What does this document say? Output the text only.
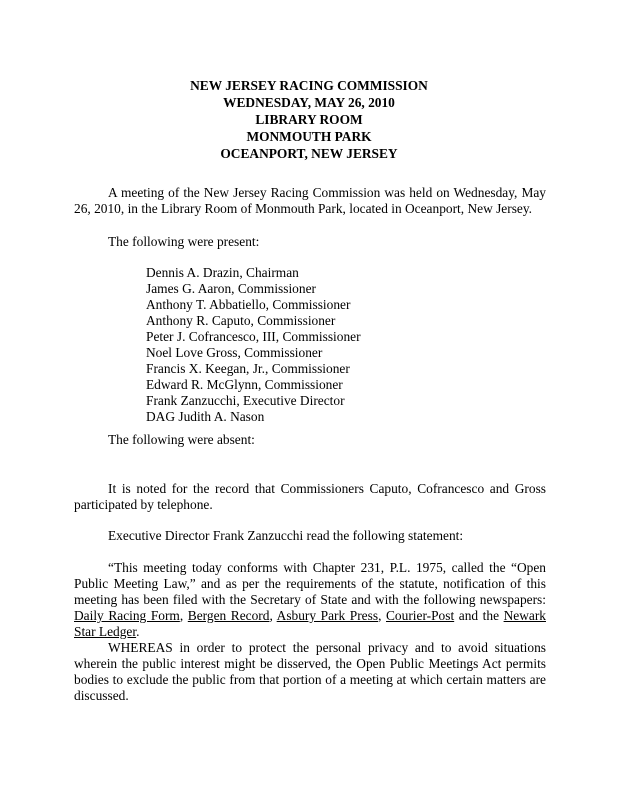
NEW JERSEY RACING COMMISSION
WEDNESDAY, MAY 26, 2010
LIBRARY ROOM
MONMOUTH PARK
OCEANPORT, NEW JERSEY

A meeting of the New Jersey Racing Commission was held on Wednesday, May 26, 2010, in the Library Room of Monmouth Park, located in Oceanport, New Jersey.

The following were present:

Dennis A. Drazin, Chairman
James G. Aaron, Commissioner
Anthony T. Abbatiello, Commissioner
Anthony R. Caputo, Commissioner
Peter J. Cofrancesco, III, Commissioner
Noel Love Gross, Commissioner
Francis X. Keegan, Jr., Commissioner
Edward R. McGlynn, Commissioner
Frank Zanzucchi, Executive Director
DAG Judith A. Nason

The following were absent:

It is noted for the record that Commissioners Caputo, Cofrancesco and Gross participated by telephone.

Executive Director Frank Zanzucchi read the following statement:

“This meeting today conforms with Chapter 231, P.L. 1975, called the “Open Public Meeting Law,” and as per the requirements of the statute, notification of this meeting has been filed with the Secretary of State and with the following newspapers: Daily Racing Form, Bergen Record, Asbury Park Press, Courier-Post and the Newark Star Ledger.

WHEREAS in order to protect the personal privacy and to avoid situations wherein the public interest might be disserved, the Open Public Meetings Act permits bodies to exclude the public from that portion of a meeting at which certain matters are discussed.
